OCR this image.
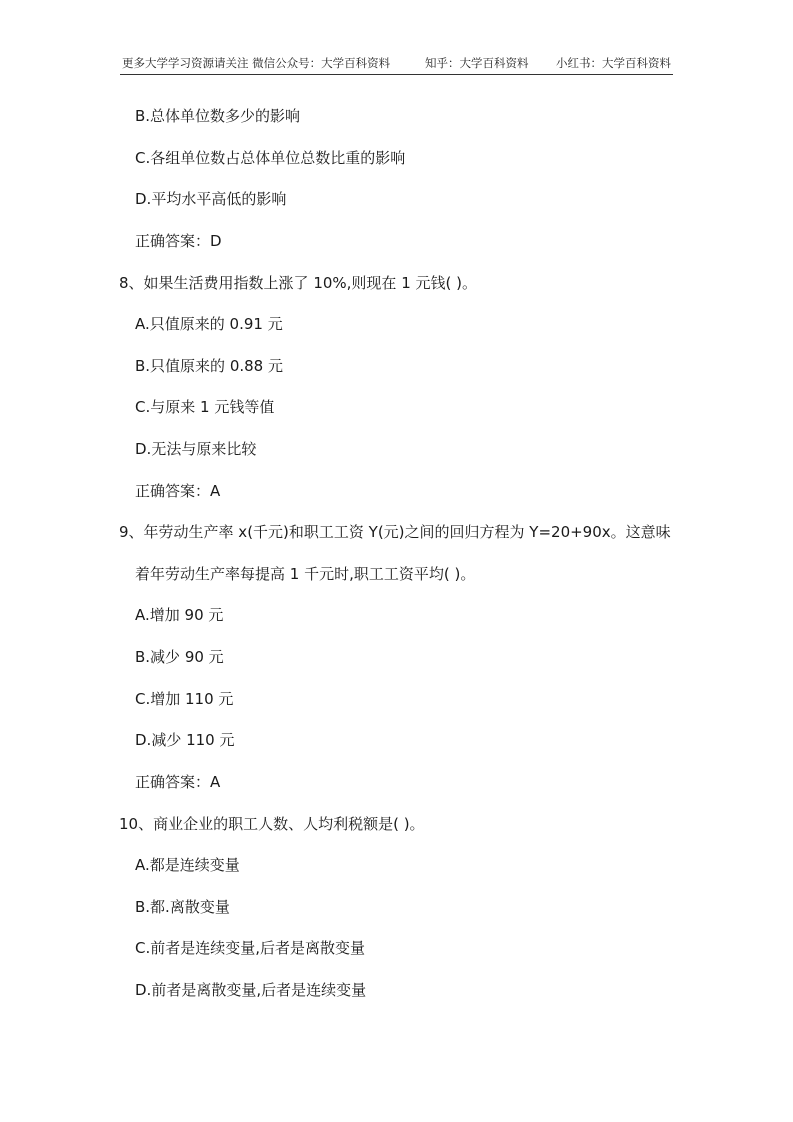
更多大学学习资源请关注 微信公众号：大学百科资料	知乎：大学百科资料 小红书：大学百科资料
B.总体单位数多少的影响
C.各组单位数占总体单位总数比重的影响
D.平均水平高低的影响
正确答案：D
8、如果生活费用指数上涨了 10%,则现在 1 元钱( )。
A.只值原来的 0.91 元
B.只值原来的 0.88 元
C.与原来 1 元钱等值
D.无法与原来比较
正确答案：A
9、年劳动生产率 x(千元)和职工工资 Y(元)之间的回归方程为 Y=20+90x。这意味
着年劳动生产率每提高 1 千元时,职工工资平均( )。
A.增加 90 元
B.减少 90 元
C.增加 110 元
D.减少 110 元
正确答案：A
10、商业企业的职工人数、人均利税额是( )。
A.都是连续变量
B.都.离散变量
C.前者是连续变量,后者是离散变量
D.前者是离散变量,后者是连续变量
